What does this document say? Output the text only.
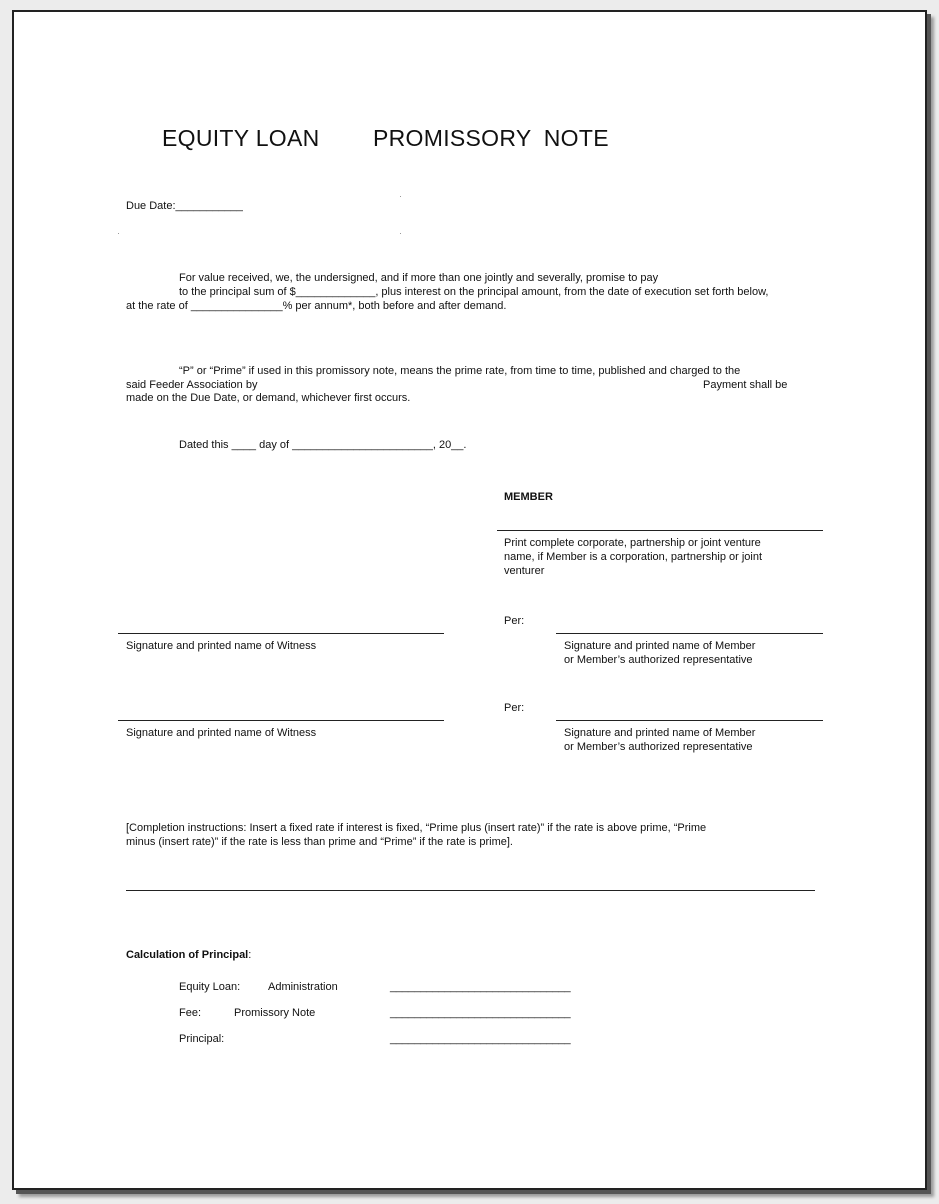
EQUITY LOAN PROMISSORY NOTE
Due Date:___________
For value received, we, the undersigned, and if more than one jointly and severally, promise to pay
to the principal sum of $_____________, plus interest on the principal amount, from the date of execution set forth below,
at the rate of _______________% per annum*, both before and after demand.
“P” or “Prime” if used in this promissory note, means the prime rate, from time to time, published and charged to the
said Feeder Association by	Payment shall be
made on the Due Date, or demand, whichever first occurs.
Dated this ____ day of _______________________, 20__.
MEMBER
Print complete corporate, partnership or joint venture
name, if Member is a corporation, partnership or joint
venturer
Per:
Signature and printed name of Witness	Signature and printed name of Member
or Member’s authorized representative
Per:
Signature and printed name of Witness	Signature and printed name of Member
or Member’s authorized representative
[Completion instructions: Insert a fixed rate if interest is fixed, “Prime plus (insert rate)” if the rate is above prime, “Prime
minus (insert rate)” if the rate is less than prime and “Prime” if the rate is prime].
Calculation of Principal:
Equity Loan:	Administration	______________________________
Fee:	Promissory Note	______________________________
Principal:	______________________________
